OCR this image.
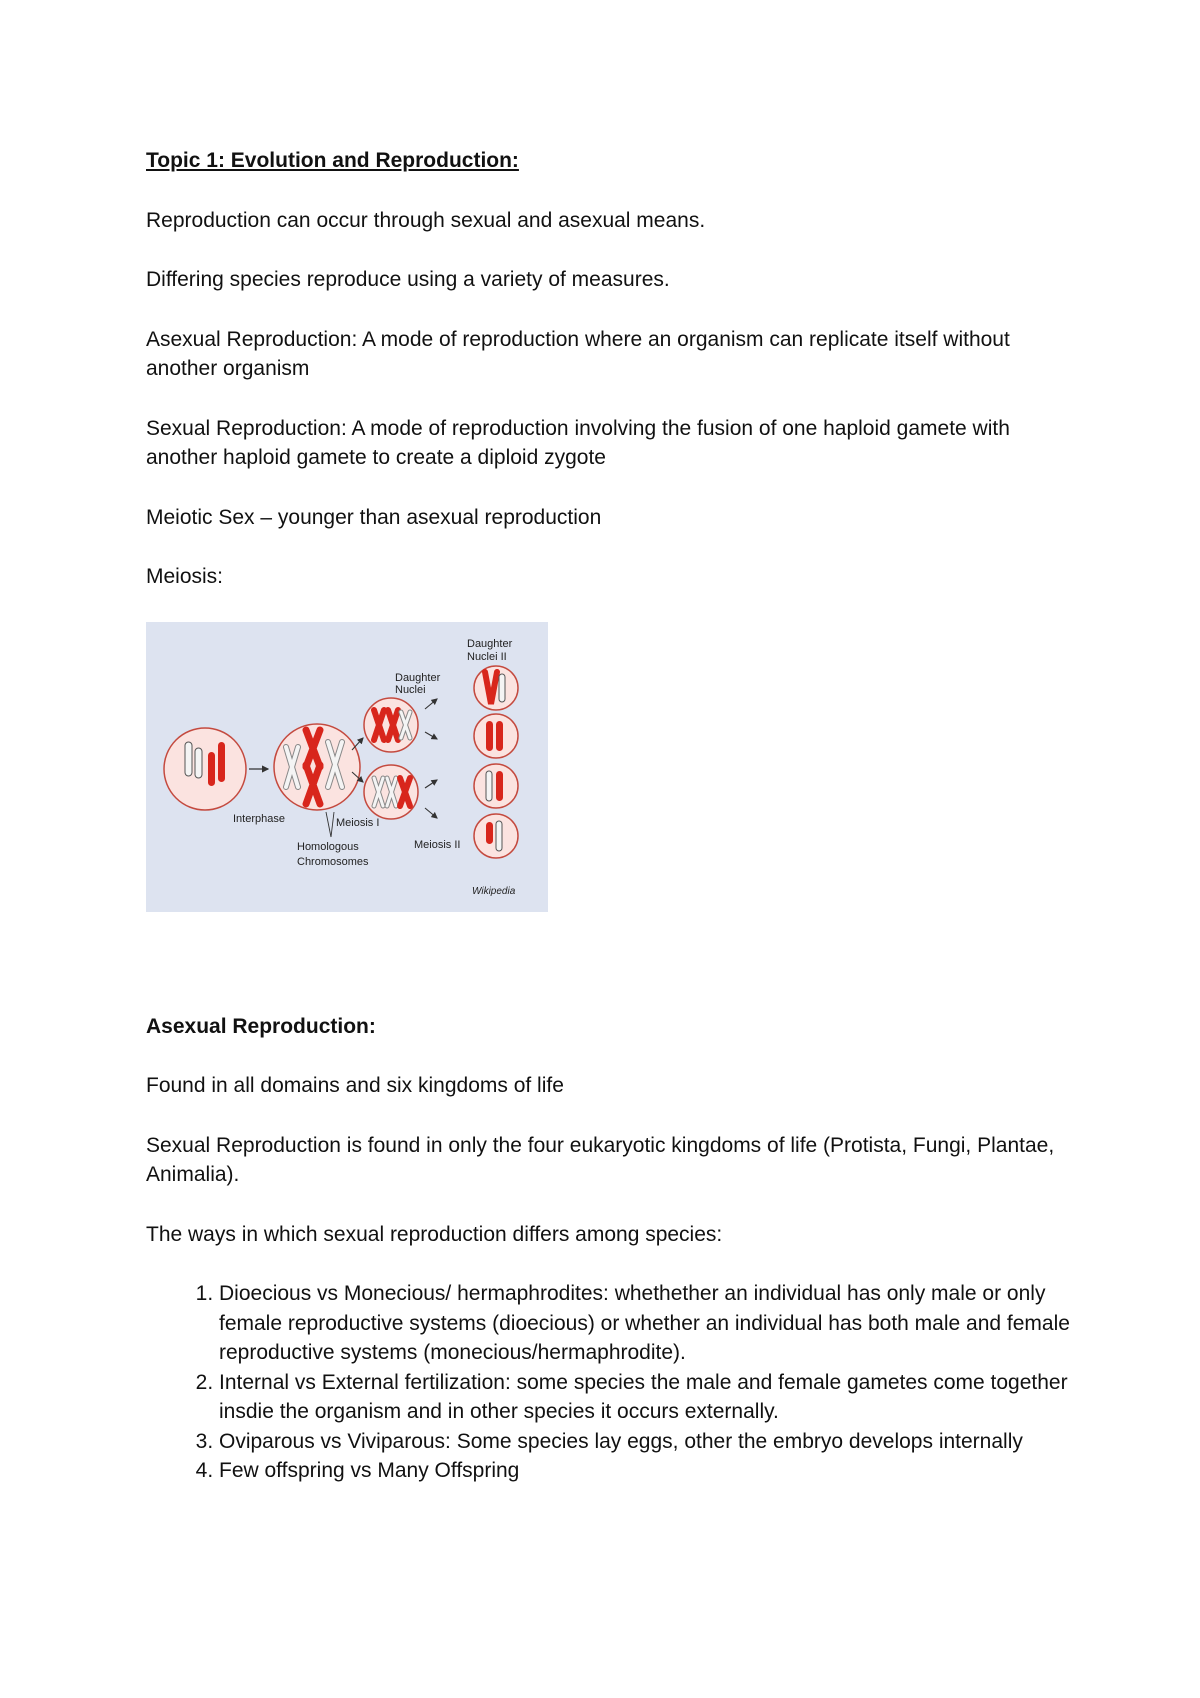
Topic 1: Evolution and Reproduction:

Reproduction can occur through sexual and asexual means.

Differing species reproduce using a variety of measures.

Asexual Reproduction: A mode of reproduction where an organism can replicate itself without another organism

Sexual Reproduction: A mode of reproduction involving the fusion of one haploid gamete with another haploid gamete to create a diploid zygote

Meiotic Sex – younger than asexual reproduction

Meiosis:

Daughter
Nuclei II
Daughter
Nuclei
Interphase	Meiosis I
Meiosis II
Homologous
Chromosomes
Wikipedia

Asexual Reproduction:

Found in all domains and six kingdoms of life

Sexual Reproduction is found in only the four eukaryotic kingdoms of life (Protista, Fungi, Plantae, Animalia).

The ways in which sexual reproduction differs among species:

1. Dioecious vs Monecious/ hermaphrodites: whethether an individual has only male or only female reproductive systems (dioecious) or whether an individual has both male and female reproductive systems (monecious/hermaphrodite).
2. Internal vs External fertilization: some species the male and female gametes come together insdie the organism and in other species it occurs externally.
3. Oviparous vs Viviparous: Some species lay eggs, other the embryo develops internally
4. Few offspring vs Many Offspring
